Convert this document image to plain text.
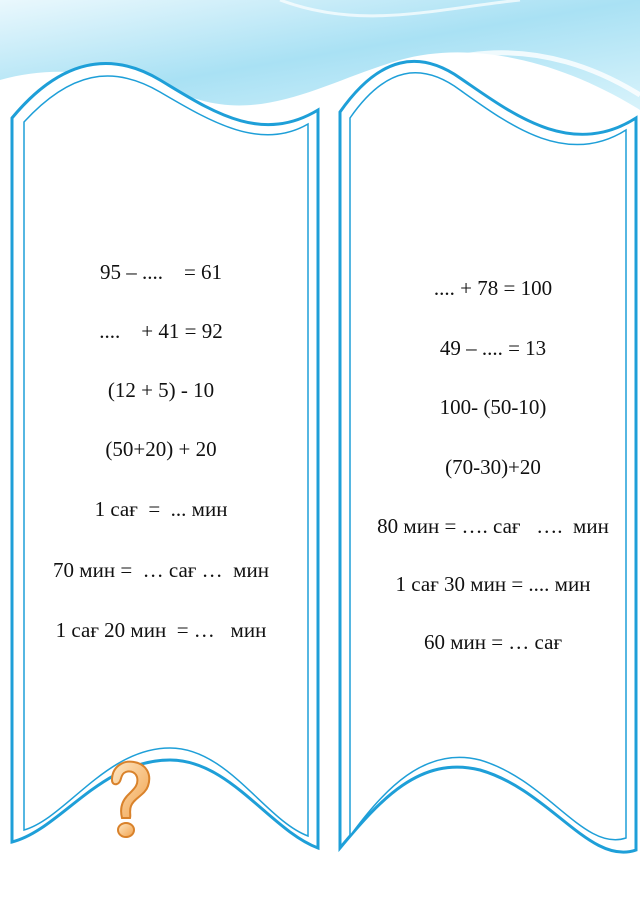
95 – ....    = 61
....    + 41 = 92
(12 + 5) - 10
(50+20) + 20
1 сағ  =  ... мин
70 мин =  … сағ …  мин
1 сағ 20 мин  = …   мин
.... + 78 = 100
49 – .... = 13
100- (50-10)
(70-30)+20
80 мин = …. сағ   ….  мин
1 сағ 30 мин = .... мин
60 мин = … сағ
